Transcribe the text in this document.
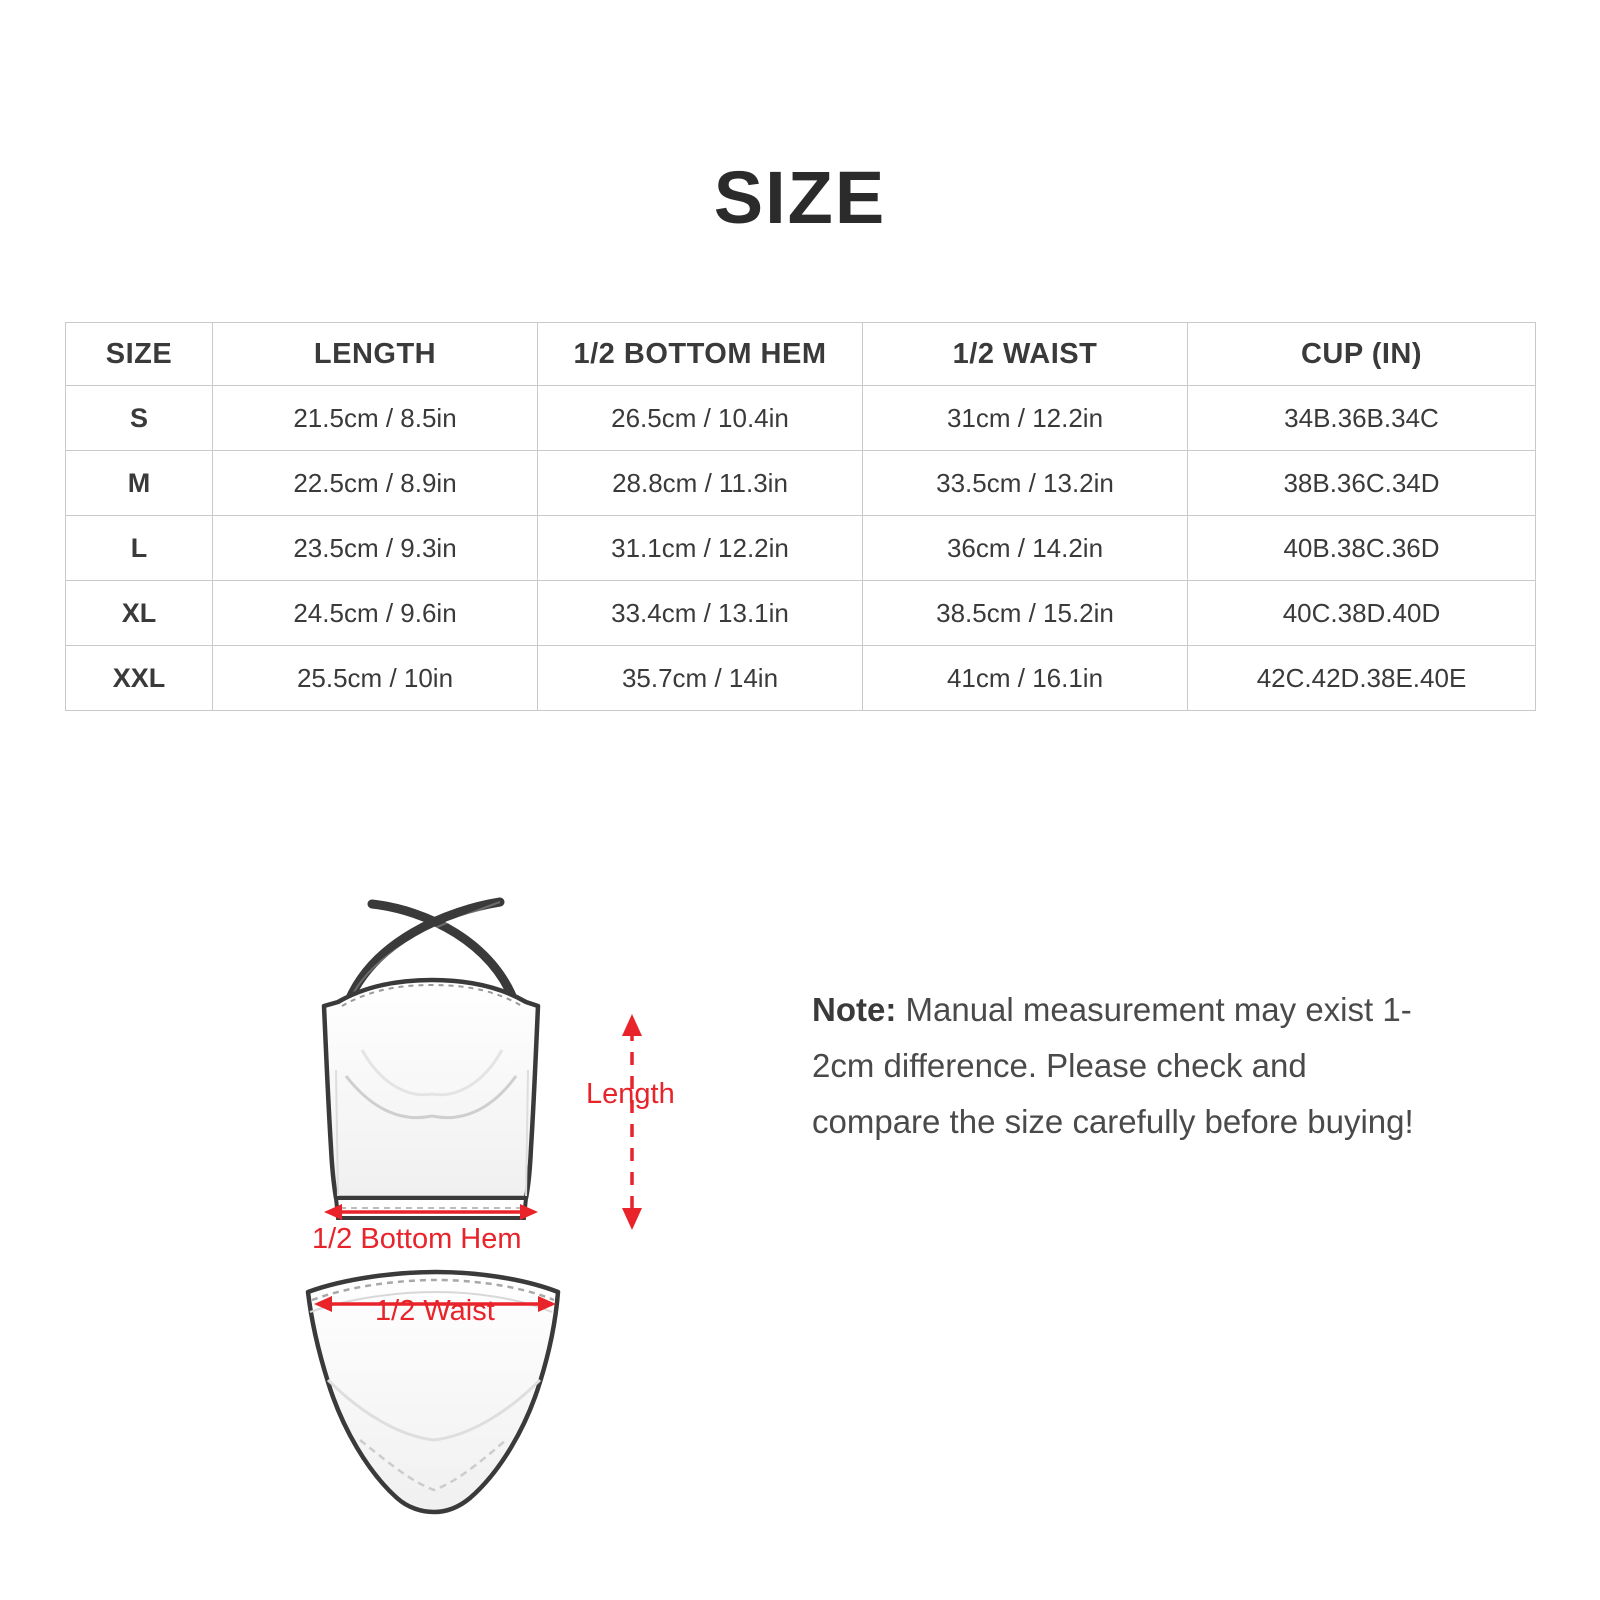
SIZE
SIZE	LENGTH	1/2 BOTTOM HEM	1/2 WAIST	CUP (IN)
S	21.5cm / 8.5in	26.5cm / 10.4in	31cm / 12.2in	34B.36B.34C
M	22.5cm / 8.9in	28.8cm / 11.3in	33.5cm / 13.2in	38B.36C.34D
L	23.5cm / 9.3in	31.1cm / 12.2in	36cm / 14.2in	40B.38C.36D
XL	24.5cm / 9.6in	33.4cm / 13.1in	38.5cm / 15.2in	40C.38D.40D
XXL	25.5cm / 10in	35.7cm / 14in	41cm / 16.1in	42C.42D.38E.40E
Length
1/2 Bottom Hem
1/2 Waist
Note: Manual measurement may exist 1-2cm difference. Please check and compare the size carefully before buying!
